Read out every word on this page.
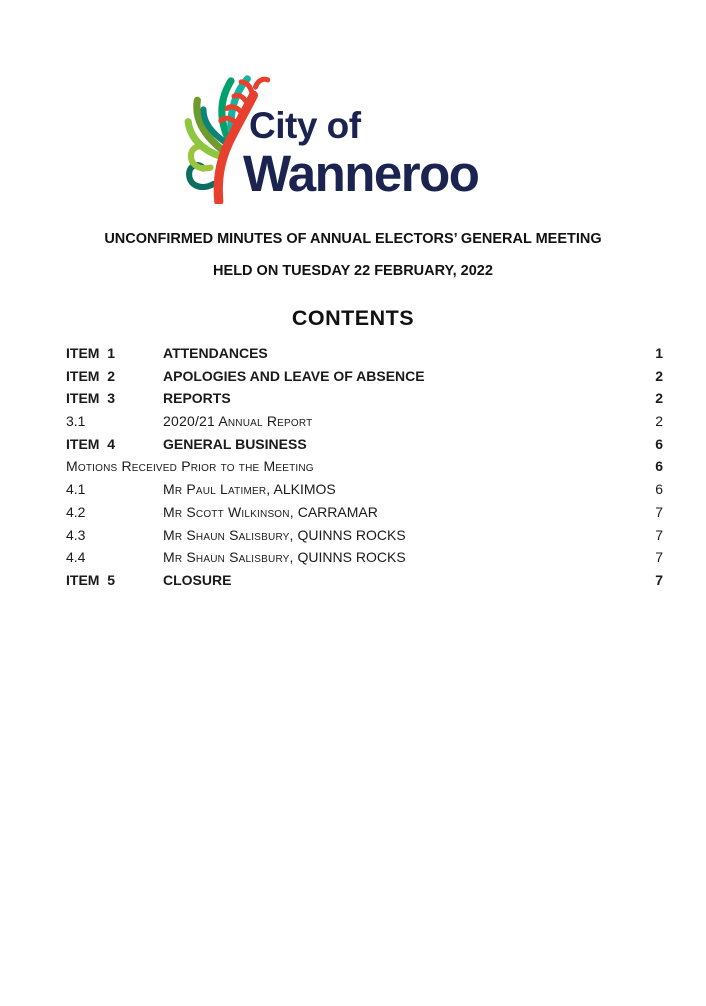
City of
Wanneroo
UNCONFIRMED MINUTES OF ANNUAL ELECTORS’ GENERAL MEETING
HELD ON TUESDAY 22 FEBRUARY, 2022
CONTENTS
ITEM  1	ATTENDANCES	1
ITEM  2	APOLOGIES AND LEAVE OF ABSENCE	2
ITEM  3	REPORTS	2
3.1	2020/21 Annual Report	2
ITEM  4	GENERAL BUSINESS	6
Motions Received Prior to the Meeting	6
4.1	Mr Paul Latimer, ALKIMOS	6
4.2	Mr Scott Wilkinson, CARRAMAR	7
4.3	Mr Shaun Salisbury, QUINNS ROCKS	7
4.4	Mr Shaun Salisbury, QUINNS ROCKS	7
ITEM  5	CLOSURE	7
